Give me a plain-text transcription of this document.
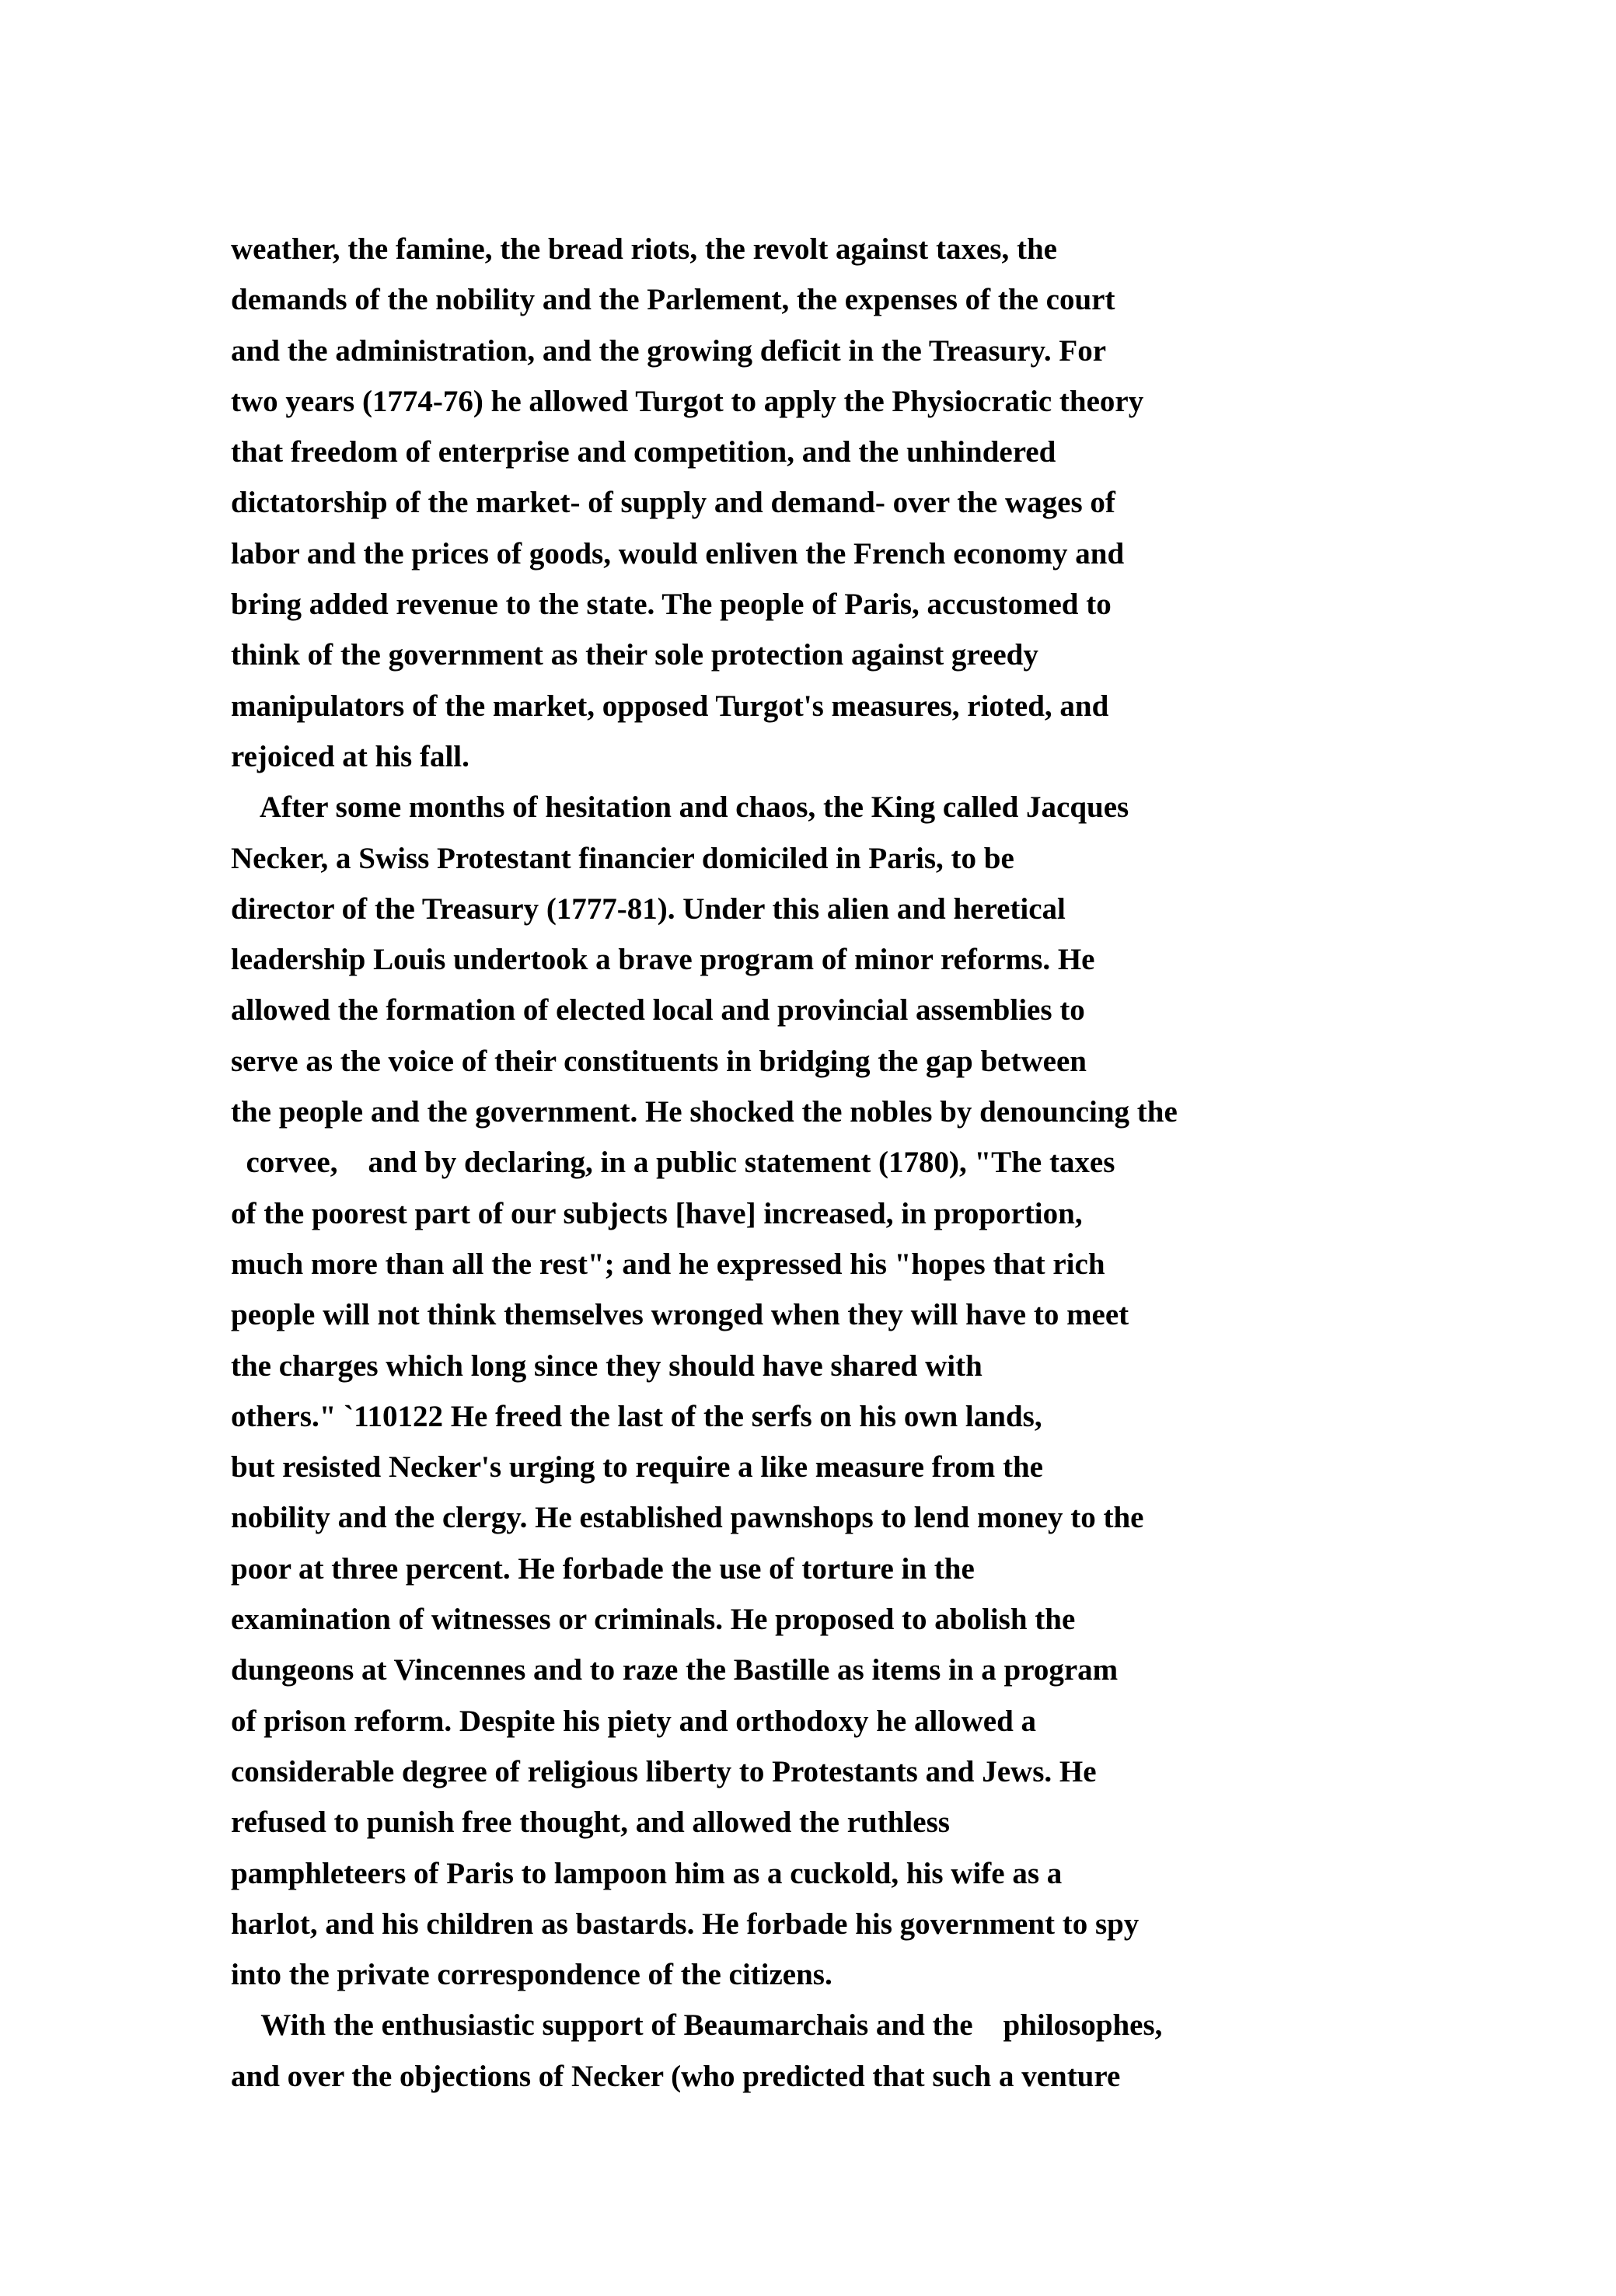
weather, the famine, the bread riots, the revolt against taxes, the
demands of the nobility and the Parlement, the expenses of the court
and the administration, and the growing deficit in the Treasury. For
two years (1774-76) he allowed Turgot to apply the Physiocratic theory
that freedom of enterprise and competition, and the unhindered
dictatorship of the market- of supply and demand- over the wages of
labor and the prices of goods, would enliven the French economy and
bring added revenue to the state. The people of Paris, accustomed to
think of the government as their sole protection against greedy
manipulators of the market, opposed Turgot's measures, rioted, and
rejoiced at his fall.
After some months of hesitation and chaos, the King called Jacques
Necker, a Swiss Protestant financier domiciled in Paris, to be
director of the Treasury (1777-81). Under this alien and heretical
leadership Louis undertook a brave program of minor reforms. He
allowed the formation of elected local and provincial assemblies to
serve as the voice of their constituents in bridging the gap between
the people and the government. He shocked the nobles by denouncing the
corvee,    and by declaring, in a public statement (1780), "The taxes
of the poorest part of our subjects [have] increased, in proportion,
much more than all the rest"; and he expressed his "hopes that rich
people will not think themselves wronged when they will have to meet
the charges which long since they should have shared with
others." `110122 He freed the last of the serfs on his own lands,
but resisted Necker's urging to require a like measure from the
nobility and the clergy. He established pawnshops to lend money to the
poor at three percent. He forbade the use of torture in the
examination of witnesses or criminals. He proposed to abolish the
dungeons at Vincennes and to raze the Bastille as items in a program
of prison reform. Despite his piety and orthodoxy he allowed a
considerable degree of religious liberty to Protestants and Jews. He
refused to punish free thought, and allowed the ruthless
pamphleteers of Paris to lampoon him as a cuckold, his wife as a
harlot, and his children as bastards. He forbade his government to spy
into the private correspondence of the citizens.
With the enthusiastic support of Beaumarchais and the    philosophes,
and over the objections of Necker (who predicted that such a venture
